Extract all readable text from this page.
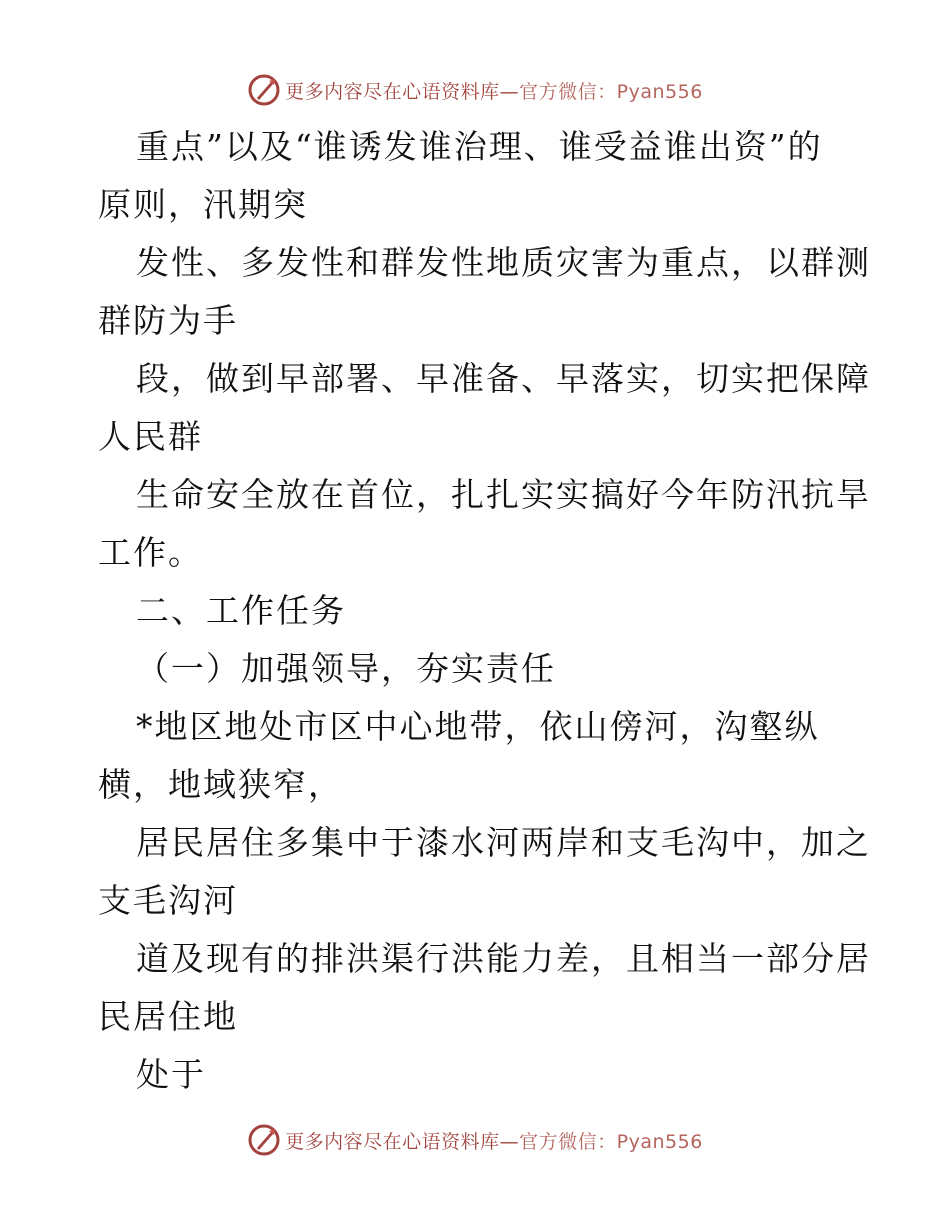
更多内容尽在心语资料库—官方微信：Pyan556
重点”以及“谁诱发谁治理、谁受益谁出资”的
原则，汛期突
发性、多发性和群发性地质灾害为重点，以群测
群防为手
段，做到早部署、早准备、早落实，切实把保障
人民群
生命安全放在首位，扎扎实实搞好今年防汛抗旱
工作。
二、工作任务
（一）加强领导，夯实责任
*地区地处市区中心地带，依山傍河，沟壑纵
横，地域狭窄，
居民居住多集中于漆水河两岸和支毛沟中，加之
支毛沟河
道及现有的排洪渠行洪能力差，且相当一部分居
民居住地
处于
更多内容尽在心语资料库—官方微信：Pyan556
